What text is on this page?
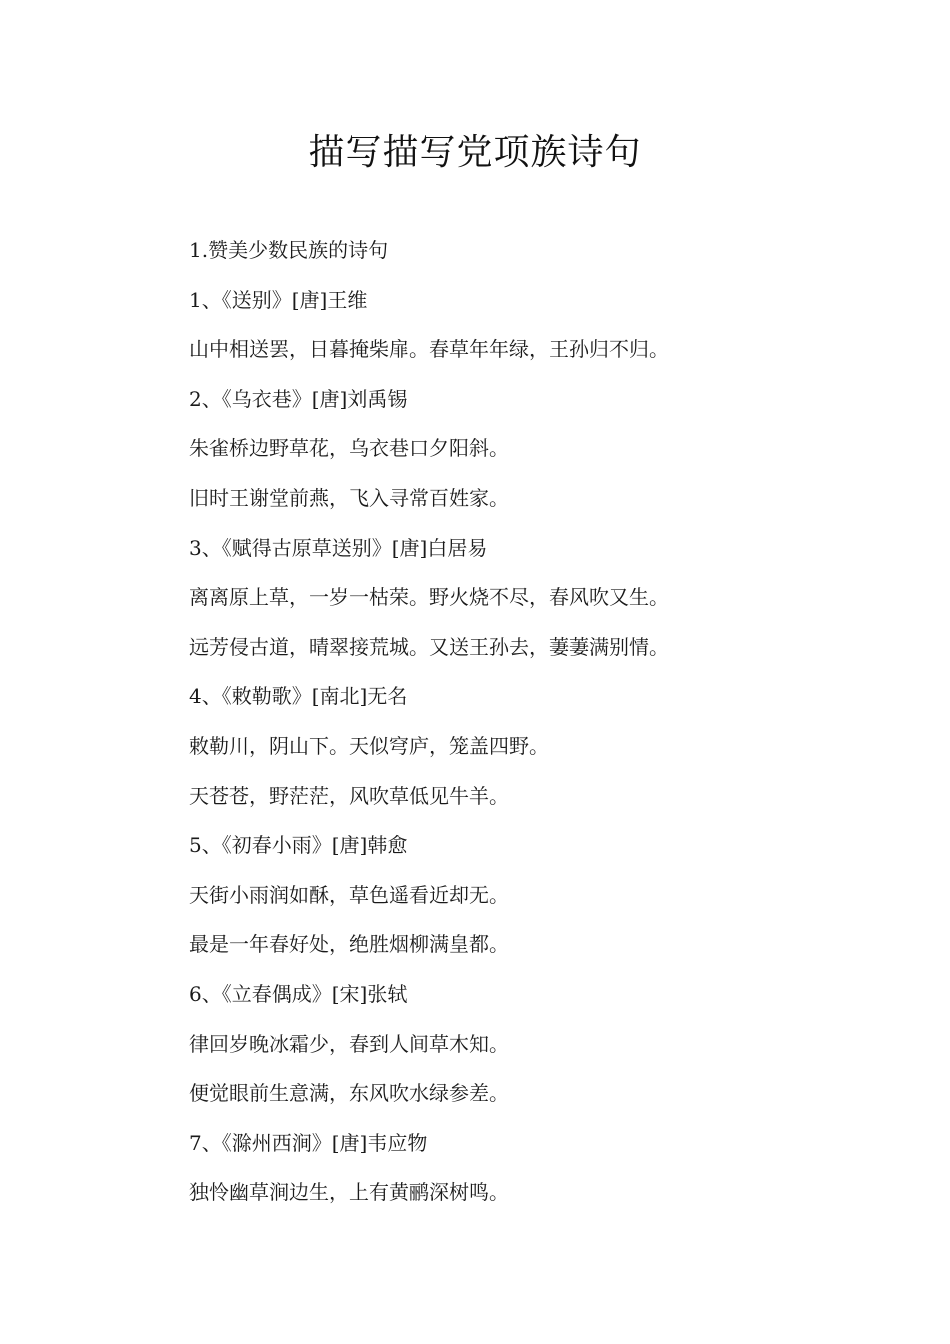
描写描写党项族诗句
1.赞美少数民族的诗句
1、《送别》[唐]王维
山中相送罢，日暮掩柴扉。春草年年绿，王孙归不归。
2、《乌衣巷》[唐]刘禹锡
朱雀桥边野草花，乌衣巷口夕阳斜。
旧时王谢堂前燕，飞入寻常百姓家。
3、《赋得古原草送别》[唐]白居易
离离原上草，一岁一枯荣。野火烧不尽，春风吹又生。
远芳侵古道，晴翠接荒城。又送王孙去，萋萋满别情。
4、《敕勒歌》[南北]无名
敕勒川，阴山下。天似穹庐，笼盖四野。
天苍苍，野茫茫，风吹草低见牛羊。
5、《初春小雨》[唐]韩愈
天街小雨润如酥，草色遥看近却无。
最是一年春好处，绝胜烟柳满皇都。
6、《立春偶成》[宋]张轼
律回岁晚冰霜少，春到人间草木知。
便觉眼前生意满，东风吹水绿参差。
7、《滁州西涧》[唐]韦应物
独怜幽草涧边生，上有黄鹂深树鸣。
